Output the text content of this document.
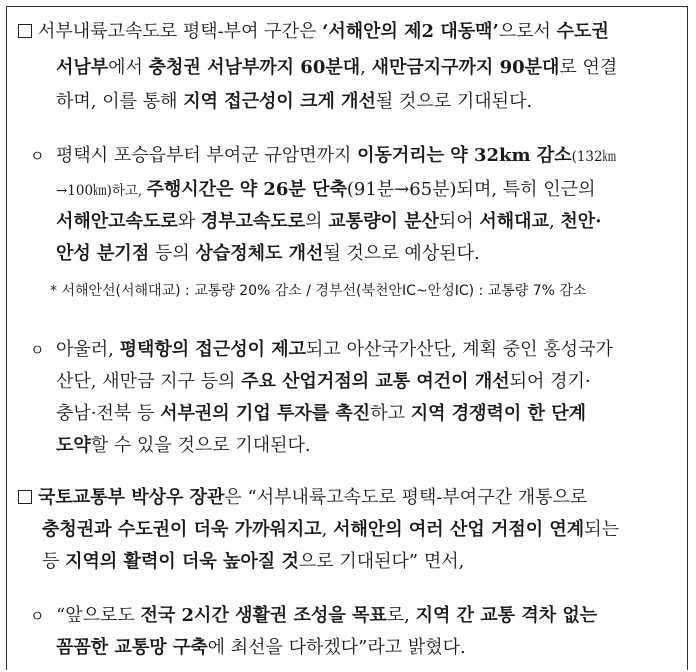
서부내륙고속도로 평택-부여 구간은 ‘서해안의 제2 대동맥’으로서 수도권
서남부에서 충청권 서남부까지 60분대, 새만금지구까지 90분대로 연결
하며, 이를 통해 지역 접근성이 크게 개선될 것으로 기대된다.
ㅇ 평택시 포승읍부터 부여군 규암면까지 이동거리는 약 32km 감소(132㎞
→100㎞)하고, 주행시간은 약 26분 단축(91분→65분)되며, 특히 인근의
서해안고속도로와 경부고속도로의 교통량이 분산되어 서해대교, 천안·
안성 분기점 등의 상습정체도 개선될 것으로 예상된다.
* 서해안선(서해대교) : 교통량 20% 감소 / 경부선(북천안IC~안성IC) : 교통량 7% 감소
ㅇ 아울러, 평택항의 접근성이 제고되고 아산국가산단, 계획 중인 홍성국가
산단, 새만금 지구 등의 주요 산업거점의 교통 여건이 개선되어 경기·
충남·전북 등 서부권의 기업 투자를 촉진하고 지역 경쟁력이 한 단계
도약할 수 있을 것으로 기대된다.
국토교통부 박상우 장관은 “서부내륙고속도로 평택-부여구간 개통으로
충청권과 수도권이 더욱 가까워지고, 서해안의 여러 산업 거점이 연계되는
등 지역의 활력이 더욱 높아질 것으로 기대된다” 면서,
ㅇ “앞으로도 전국 2시간 생활권 조성을 목표로, 지역 간 교통 격차 없는
꼼꼼한 교통망 구축에 최선을 다하겠다”라고 밝혔다.
